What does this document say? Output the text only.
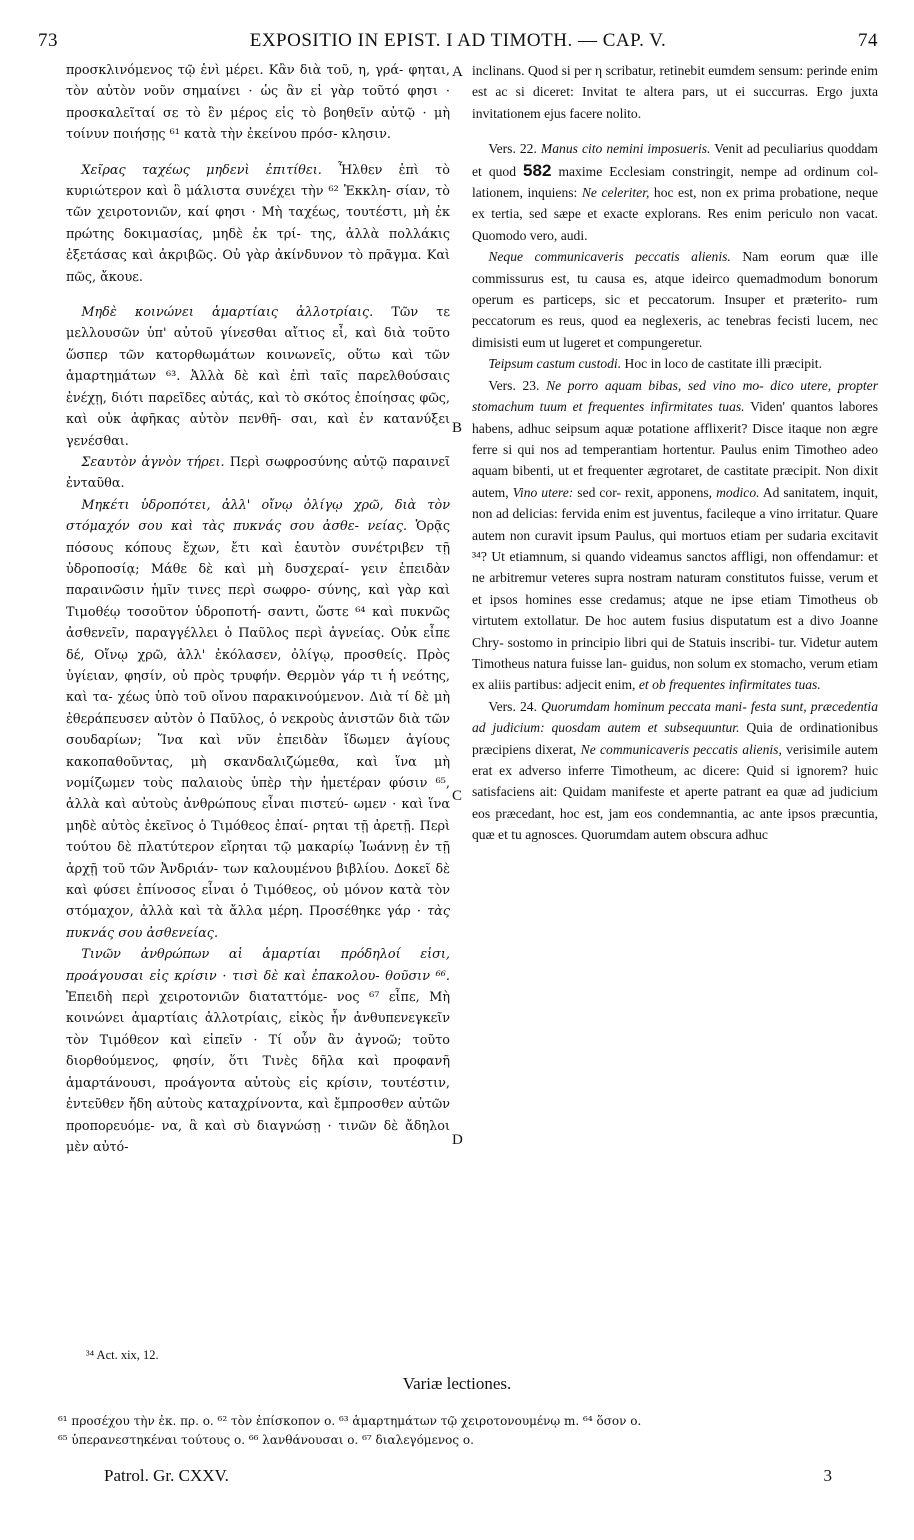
73	EXPOSITIO IN EPIST. I AD TIMOTH. — CAP. V.	74
A
B
C
D

προσκλινόμενος τῷ ἑνὶ μέρει. Κἂν διὰ τοῦ, η, γρά- φηται, τὸν αὐτὸν νοῦν σημαίνει · ὡς ἂν εἰ γὰρ τοῦτό φησι · προσκαλεῖταί σε τὸ ἓν μέρος εἰς τὸ βοηθεῖν αὐτῷ · μὴ τοίνυν ποιήσῃς ⁶¹ κατὰ τὴν ἐκείνου πρόσ- κλησιν.

Χεῖρας ταχέως μηδενὶ ἐπιτίθει. Ἦλθεν ἐπὶ τὸ κυριώτερον καὶ ὃ μάλιστα συνέχει τὴν ⁶² Ἐκκλη- σίαν, τὸ τῶν χειροτονιῶν, καί φησι · Μὴ ταχέως, τουτέστι, μὴ ἐκ πρώτης δοκιμασίας, μηδὲ ἐκ τρί- της, ἀλλὰ πολλάκις ἐξετάσας καὶ ἀκριβῶς. Οὐ γὰρ ἀκίνδυνον τὸ πρᾶγμα. Καὶ πῶς, ἄκουε.

Μηδὲ κοινώνει ἁμαρτίαις ἀλλοτρίαις. Τῶν τε μελλουσῶν ὑπ' αὐτοῦ γίνεσθαι αἴτιος εἶ, καὶ διὰ τοῦτο ὥσπερ τῶν κατορθωμάτων κοινωνεῖς, οὕτω καὶ τῶν ἁμαρτημάτων ⁶³. Ἀλλὰ δὲ καὶ ἐπὶ ταῖς παρελθούσαις ἐνέχῃ, διότι παρεῖδες αὐτάς, καὶ τὸ σκότος ἐποίησας φῶς, καὶ οὐκ ἀφῆκας αὐτὸν πενθῆ- σαι, καὶ ἐν κατανύξει γενέσθαι.

Σεαυτὸν ἁγνὸν τήρει. Περὶ σωφροσύνης αὐτῷ παραινεῖ ἐνταῦθα.

Μηκέτι ὑδροπότει, ἀλλ' οἴνῳ ὀλίγῳ χρῶ, διὰ τὸν στόμαχόν σου καὶ τὰς πυκνάς σου ἀσθε- νείας. Ὁρᾷς πόσους κόπους ἔχων, ἔτι καὶ ἑαυτὸν συνέτριβεν τῇ ὑδροποσίᾳ; Μάθε δὲ καὶ μὴ δυσχεραί- γειν ἐπειδὰν παραινῶσιν ἡμῖν τινες περὶ σωφρο- σύνης, καὶ γὰρ καὶ Τιμοθέῳ τοσοῦτον ὑδροποτή- σαντι, ὥστε ⁶⁴ καὶ πυκνῶς ἀσθενεῖν, παραγγέλλει ὁ Παῦλος περὶ ἁγνείας. Οὐκ εἶπε δέ, Οἴνῳ χρῶ, ἀλλ' ἐκόλασεν, ὀλίγῳ, προσθείς. Πρὸς ὑγίειαν, φησίν, οὐ πρὸς τρυφήν. Θερμὸν γάρ τι ἡ νεότης, καὶ τα- χέως ὑπὸ τοῦ οἴνου παρακινούμενον. Διὰ τί δὲ μὴ ἐθεράπευσεν αὐτὸν ὁ Παῦλος, ὁ νεκροὺς ἀνιστῶν διὰ τῶν σουδαρίων; Ἵνα καὶ νῦν ἐπειδὰν ἴδωμεν ἁγίους κακοπαθοῦντας, μὴ σκανδαλιζώμεθα, καὶ ἵνα μὴ νομίζωμεν τοὺς παλαιοὺς ὑπὲρ τὴν ἡμετέραν φύσιν ⁶⁵, ἀλλὰ καὶ αὐτοὺς ἀνθρώπους εἶναι πιστεύ- ωμεν · καὶ ἵνα μηδὲ αὐτὸς ἐκεῖνος ὁ Τιμόθεος ἐπαί- ρηται τῇ ἀρετῇ. Περὶ τούτου δὲ πλατύτερον εἴρηται τῷ μακαρίῳ Ἰωάννῃ ἐν τῇ ἀρχῇ τοῦ τῶν Ἀνδριάν- των καλουμένου βιβλίου. Δοκεῖ δὲ καὶ φύσει ἐπίνοσος εἶναι ὁ Τιμόθεος, οὐ μόνον κατὰ τὸν στόμαχον, ἀλλὰ καὶ τὰ ἄλλα μέρη. Προσέθηκε γάρ · τὰς πυκνάς σου ἀσθενείας.

Τινῶν ἀνθρώπων αἱ ἁμαρτίαι πρόδηλοί εἰσι, προάγουσαι εἰς κρίσιν · τισὶ δὲ καὶ ἐπακολου- θοῦσιν ⁶⁶. Ἐπειδὴ περὶ χειροτονιῶν διαταττόμε- νος ⁶⁷ εἶπε, Μὴ κοινώνει ἁμαρτίαις ἀλλοτρίαις, εἰκὸς ἦν ἀνθυπενεγκεῖν τὸν Τιμόθεον καὶ εἰπεῖν · Τί οὖν ἂν ἀγνοῶ; τοῦτο διορθούμενος, φησίν, ὅτι Τινὲς δῆλα καὶ προφανῆ ἁμαρτάνουσι, προάγοντα αὐτοὺς εἰς κρίσιν, τουτέστιν, ἐντεῦθεν ἤδη αὐτοὺς καταχρίνοντα, καὶ ἔμπροσθεν αὐτῶν προπορευόμε- να, ἃ καὶ σὺ διαγνώσῃ · τινῶν δὲ ἄδηλοι μὲν αὐτό-

inclinans. Quod si per η scribatur, retinebit eumdem sensum: perinde enim est ac si diceret: Invitat te altera pars, ut ei succurras. Ergo juxta invitationem ejus facere nolito.

Vers. 22. Manus cito nemini imposueris. Venit ad peculiarius quoddam et quod 582 maxime Ecclesiam constringit, nempe ad ordinum col- lationem, inquiens: Ne celeriter, hoc est, non ex prima probatione, neque ex tertia, sed sæpe et exacte explorans. Res enim periculo non vacat. Quomodo vero, audi.

Neque communicaveris peccatis alienis. Nam eorum quæ ille commissurus est, tu causa es, atque ideirco quemadmodum bonorum operum es particeps, sic et peccatorum. Insuper et præterito- rum peccatorum es reus, quod ea neglexeris, ac tenebras fecisti lucem, nec dimisisti eum ut lugeret et compungeretur.

Teipsum castum custodi. Hoc in loco de castitate illi præcipit.

Vers. 23. Ne porro aquam bibas, sed vino mo- dico utere, propter stomachum tuum et frequentes infirmitates tuas. Viden' quantos labores habens, adhuc seipsum aquæ potatione afflixerit? Disce itaque non ægre ferre si qui nos ad temperantiam hortentur. Paulus enim Timotheo adeo aquam bibenti, ut et frequenter ægrotaret, de castitate præcipit. Non dixit autem, Vino utere: sed cor- rexit, apponens, modico. Ad sanitatem, inquit, non ad delicias: fervida enim est juventus, facileque a vino irritatur. Quare autem non curavit ipsum Paulus, qui mortuos etiam per sudaria excitavit ³⁴? Ut etiamnum, si quando videamus sanctos affligi, non offendamur: et ne arbitremur veteres supra nostram naturam constitutos fuisse, verum et et ipsos homines esse credamus; atque ne ipse etiam Timotheus ob virtutem extollatur. De hoc autem fusius disputatum est a divo Joanne Chry- sostomo in principio libri qui de Statuis inscribi- tur. Videtur autem Timotheus natura fuisse lan- guidus, non solum ex stomacho, verum etiam ex aliis partibus: adjecit enim, et ob frequentes infirmitates tuas.

Vers. 24. Quorumdam hominum peccata mani- festa sunt, præcedentia ad judicium: quosdam autem et subsequuntur. Quia de ordinationibus præcipiens dixerat, Ne communicaveris peccatis alienis, verisimile autem erat ex adverso inferre Timotheum, ac dicere: Quid si ignorem? huic satisfaciens ait: Quidam manifeste et aperte patrant ea quæ ad judicium eos præcedant, hoc est, jam eos condemnantia, ac ante ipsos præcuntia, quæ et tu agnosces. Quorumdam autem obscura adhuc

³⁴ Act. xix, 12.
Variæ lectiones.
⁶¹ προσέχου τὴν ἐκ. πρ. ο. ⁶² τὸν ἐπίσκοπον ο. ⁶³ ἁμαρτημάτων τῷ χειροτονουμένῳ m. ⁶⁴ ὅσον ο.
⁶⁵ ὑπερανεστηκέναι τούτους ο. ⁶⁶ λανθάνουσαι ο. ⁶⁷ διαλεγόμενος ο.
Patrol. Gr. CXXV.	3
